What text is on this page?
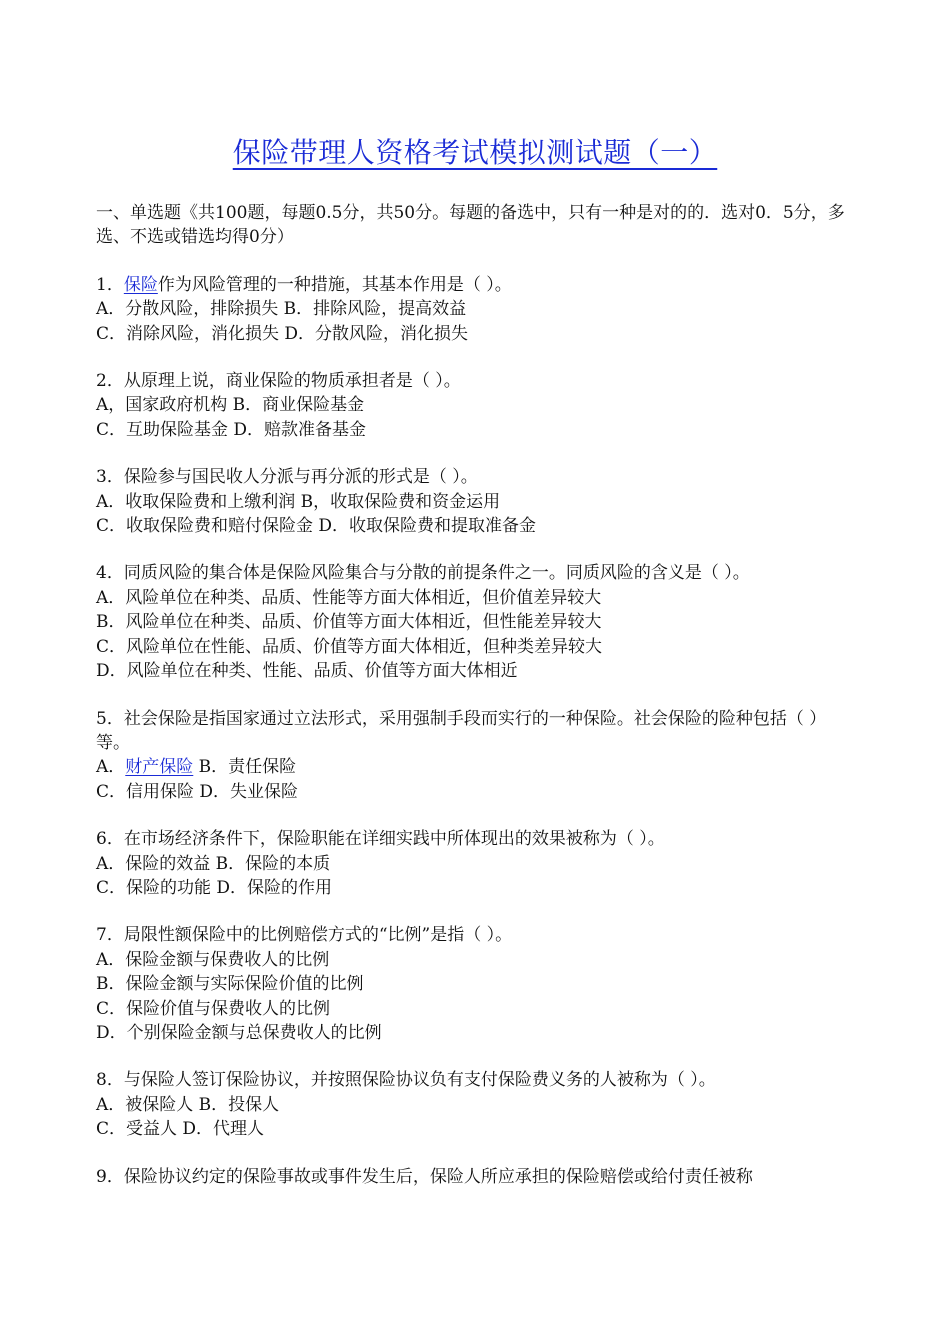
保险带理人资格考试模拟测试题（一）
一、单选题《共100题，每题0.5分，共50分。每题的备选中，只有一种是对的的．选对0．5分，多选、不选或错选均得0分）
1．保险作为风险管理的一种措施，其基本作用是（ ）。
A．分散风险，排除损失 B．排除风险，提高效益
C．消除风险，消化损失 D．分散风险，消化损失
2．从原理上说，商业保险的物质承担者是（ ）。
A，国家政府机构 B．商业保险基金
C．互助保险基金 D．赔款准备基金
3．保险参与国民收人分派与再分派的形式是（ ）。
A．收取保险费和上缴利润 B，收取保险费和资金运用
C．收取保险费和赔付保险金 D．收取保险费和提取准备金
4．同质风险的集合体是保险风险集合与分散的前提条件之一。同质风险的含义是（ ）。
A．风险单位在种类、品质、性能等方面大体相近，但价值差异较大
B．风险单位在种类、品质、价值等方面大体相近，但性能差异较大
C．风险单位在性能、品质、价值等方面大体相近，但种类差异较大
D．风险单位在种类、性能、品质、价值等方面大体相近
5．社会保险是指国家通过立法形式，采用强制手段而实行的一种保险。社会保险的险种包括（ ）等。
A．财产保险 B．责任保险
C．信用保险 D．失业保险
6．在市场经济条件下，保险职能在详细实践中所体现出的效果被称为（ ）。
A．保险的效益 B．保险的本质
C．保险的功能 D．保险的作用
7．局限性额保险中的比例赔偿方式的“比例”是指（ ）。
A．保险金额与保费收人的比例
B．保险金额与实际保险价值的比例
C．保险价值与保费收人的比例
D．个别保险金额与总保费收人的比例
8．与保险人签订保险协议，并按照保险协议负有支付保险费义务的人被称为（ ）。
A．被保险人 B．投保人
C．受益人 D．代理人
9．保险协议约定的保险事故或事件发生后，保险人所应承担的保险赔偿或给付责任被称
